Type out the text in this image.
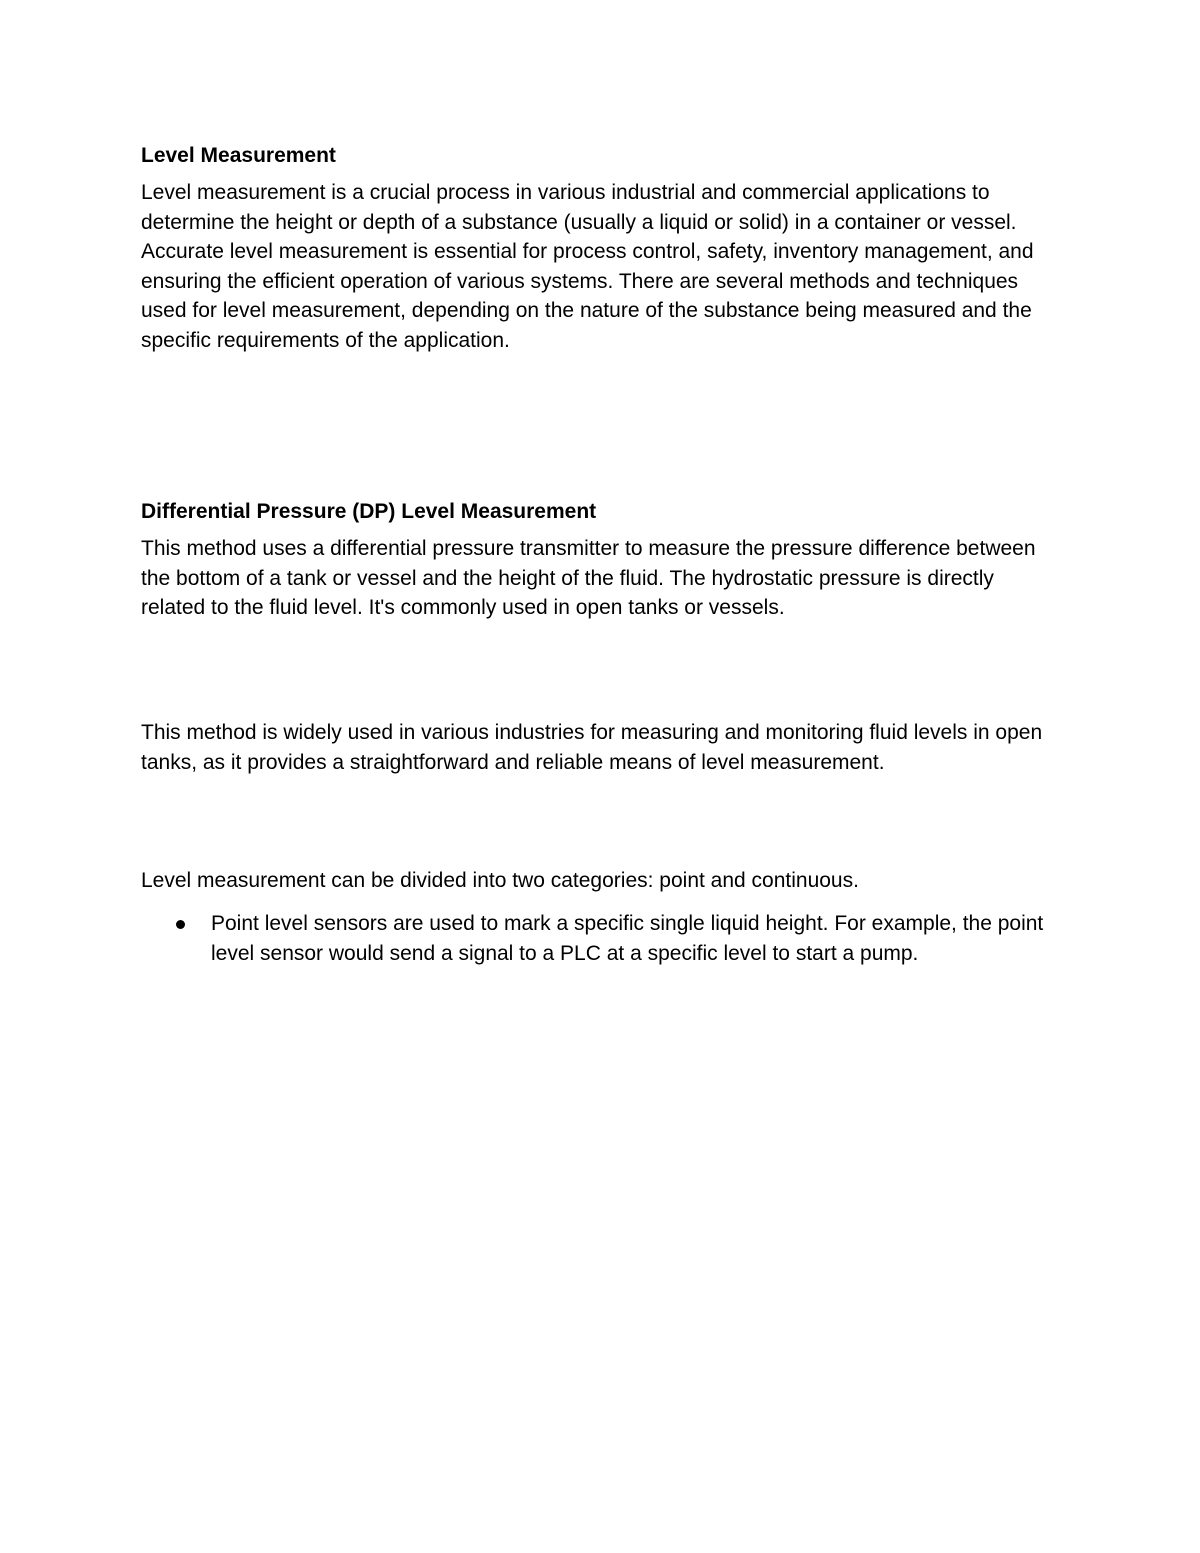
Level Measurement

Level measurement is a crucial process in various industrial and commercial applications to determine the height or depth of a substance (usually a liquid or solid) in a container or vessel. Accurate level measurement is essential for process control, safety, inventory management, and ensuring the efficient operation of various systems. There are several methods and techniques used for level measurement, depending on the nature of the substance being measured and the specific requirements of the application.

Differential Pressure (DP) Level Measurement

This method uses a differential pressure transmitter to measure the pressure difference between the bottom of a tank or vessel and the height of the fluid. The hydrostatic pressure is directly related to the fluid level. It's commonly used in open tanks or vessels.

This method is widely used in various industries for measuring and monitoring fluid levels in open tanks, as it provides a straightforward and reliable means of level measurement.

Level measurement can be divided into two categories: point and continuous.

Point level sensors are used to mark a specific single liquid height. For example, the point level sensor would send a signal to a PLC at a specific level to start a pump.
